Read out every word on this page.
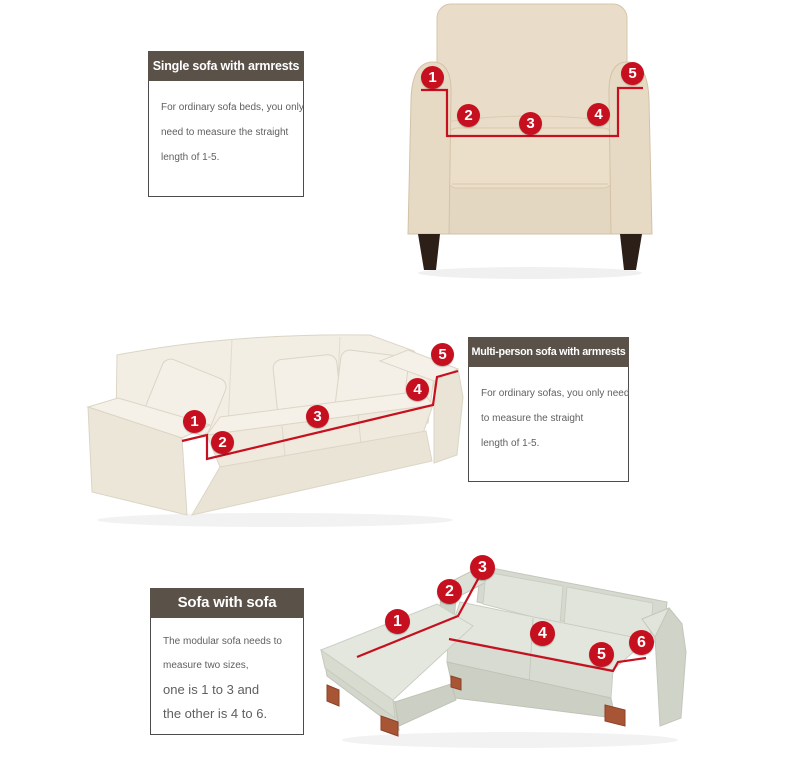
Single sofa with armrests
For ordinary sofa beds, you only
need to measure the straight
length of 1-5.
1
2	3
4
5
Multi-person sofa with armrests
For ordinary sofas, you only need
to measure the straight
length of 1-5.
1
2
3
4
5
Sofa with sofa
The modular sofa needs to
measure two sizes,
one is 1 to 3 and
the other is 4 to 6.
1
2
3
4
5
6
